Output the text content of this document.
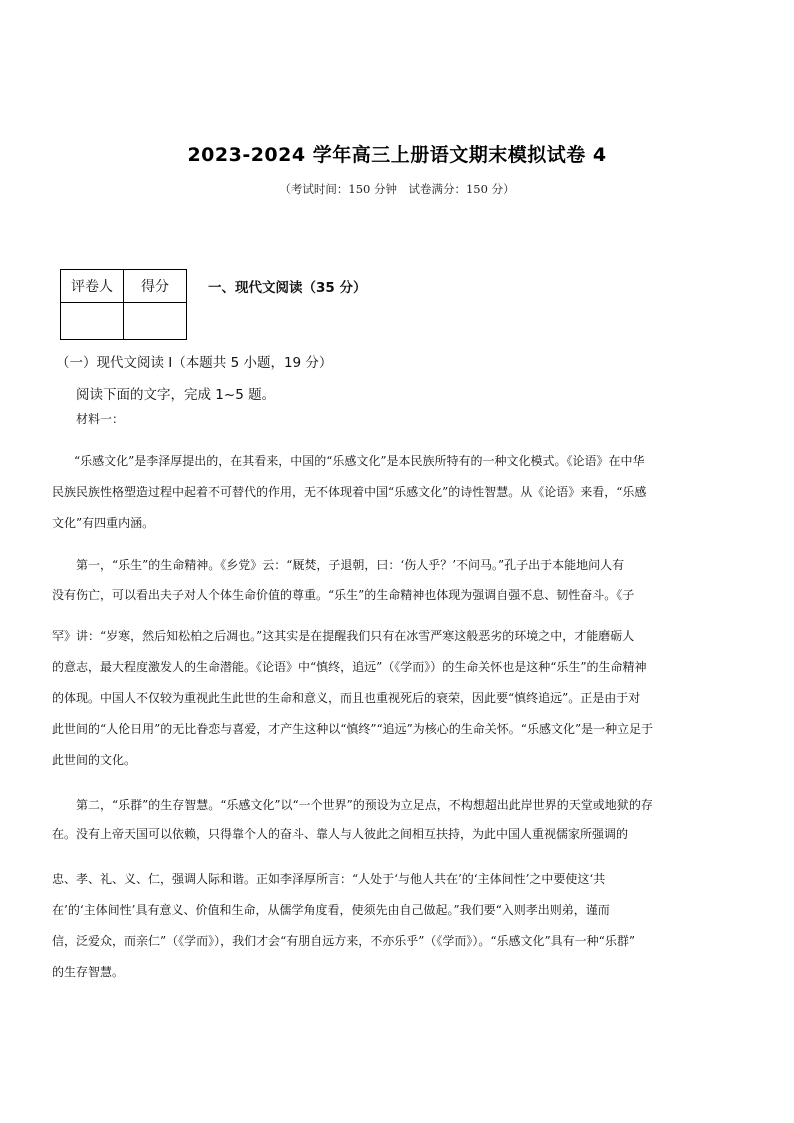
2023-2024 学年高三上册语文期末模拟试卷 4
（考试时间：150 分钟　试卷满分：150 分）
评卷人	得分
		一、现代文阅读（35 分）
（一）现代文阅读 I（本题共 5 小题，19 分）
阅读下面的文字，完成 1~5 题。
材料一：
“乐感文化”是李泽厚提出的，在其看来，中国的“乐感文化”是本民族所特有的一种文化模式。《论语》在中华
民族民族性格塑造过程中起着不可替代的作用，无不体现着中国“乐感文化”的诗性智慧。从《论语》来看，“乐感
文化”有四重内涵。
第一，“乐生”的生命精神。《乡党》云：“厩焚，子退朝，曰：‘伤人乎？’不问马。”孔子出于本能地问人有
没有伤亡，可以看出夫子对人个体生命价值的尊重。“乐生”的生命精神也体现为强调自强不息、韧性奋斗。《子
罕》讲：“岁寒，然后知松柏之后凋也。”这其实是在提醒我们只有在冰雪严寒这般恶劣的环境之中，才能磨砺人
的意志，最大程度激发人的生命潜能。《论语》中“慎终，追远”（《学而》）的生命关怀也是这种“乐生”的生命精神
的体现。中国人不仅较为重视此生此世的生命和意义，而且也重视死后的衰荣，因此要“慎终追远”。正是由于对
此世间的“人伦日用”的无比眷恋与喜爱，才产生这种以“慎终”“追远”为核心的生命关怀。“乐感文化”是一种立足于
此世间的文化。
第二，“乐群”的生存智慧。“乐感文化”以“一个世界”的预设为立足点，不构想超出此岸世界的天堂或地狱的存
在。没有上帝天国可以依赖，只得靠个人的奋斗、靠人与人彼此之间相互扶持，为此中国人重视儒家所强调的
忠、孝、礼、义、仁，强调人际和谐。正如李泽厚所言：“人处于‘与他人共在’的‘主体间性’之中要使这‘共
在’的‘主体间性’具有意义、价值和生命，从儒学角度看，使须先由自己做起。”我们要“入则孝出则弟，谨而
信，泛爱众，而亲仁”（《学而》），我们才会“有朋自远方来，不亦乐乎”（《学而》）。“乐感文化”具有一种“乐群”
的生存智慧。
